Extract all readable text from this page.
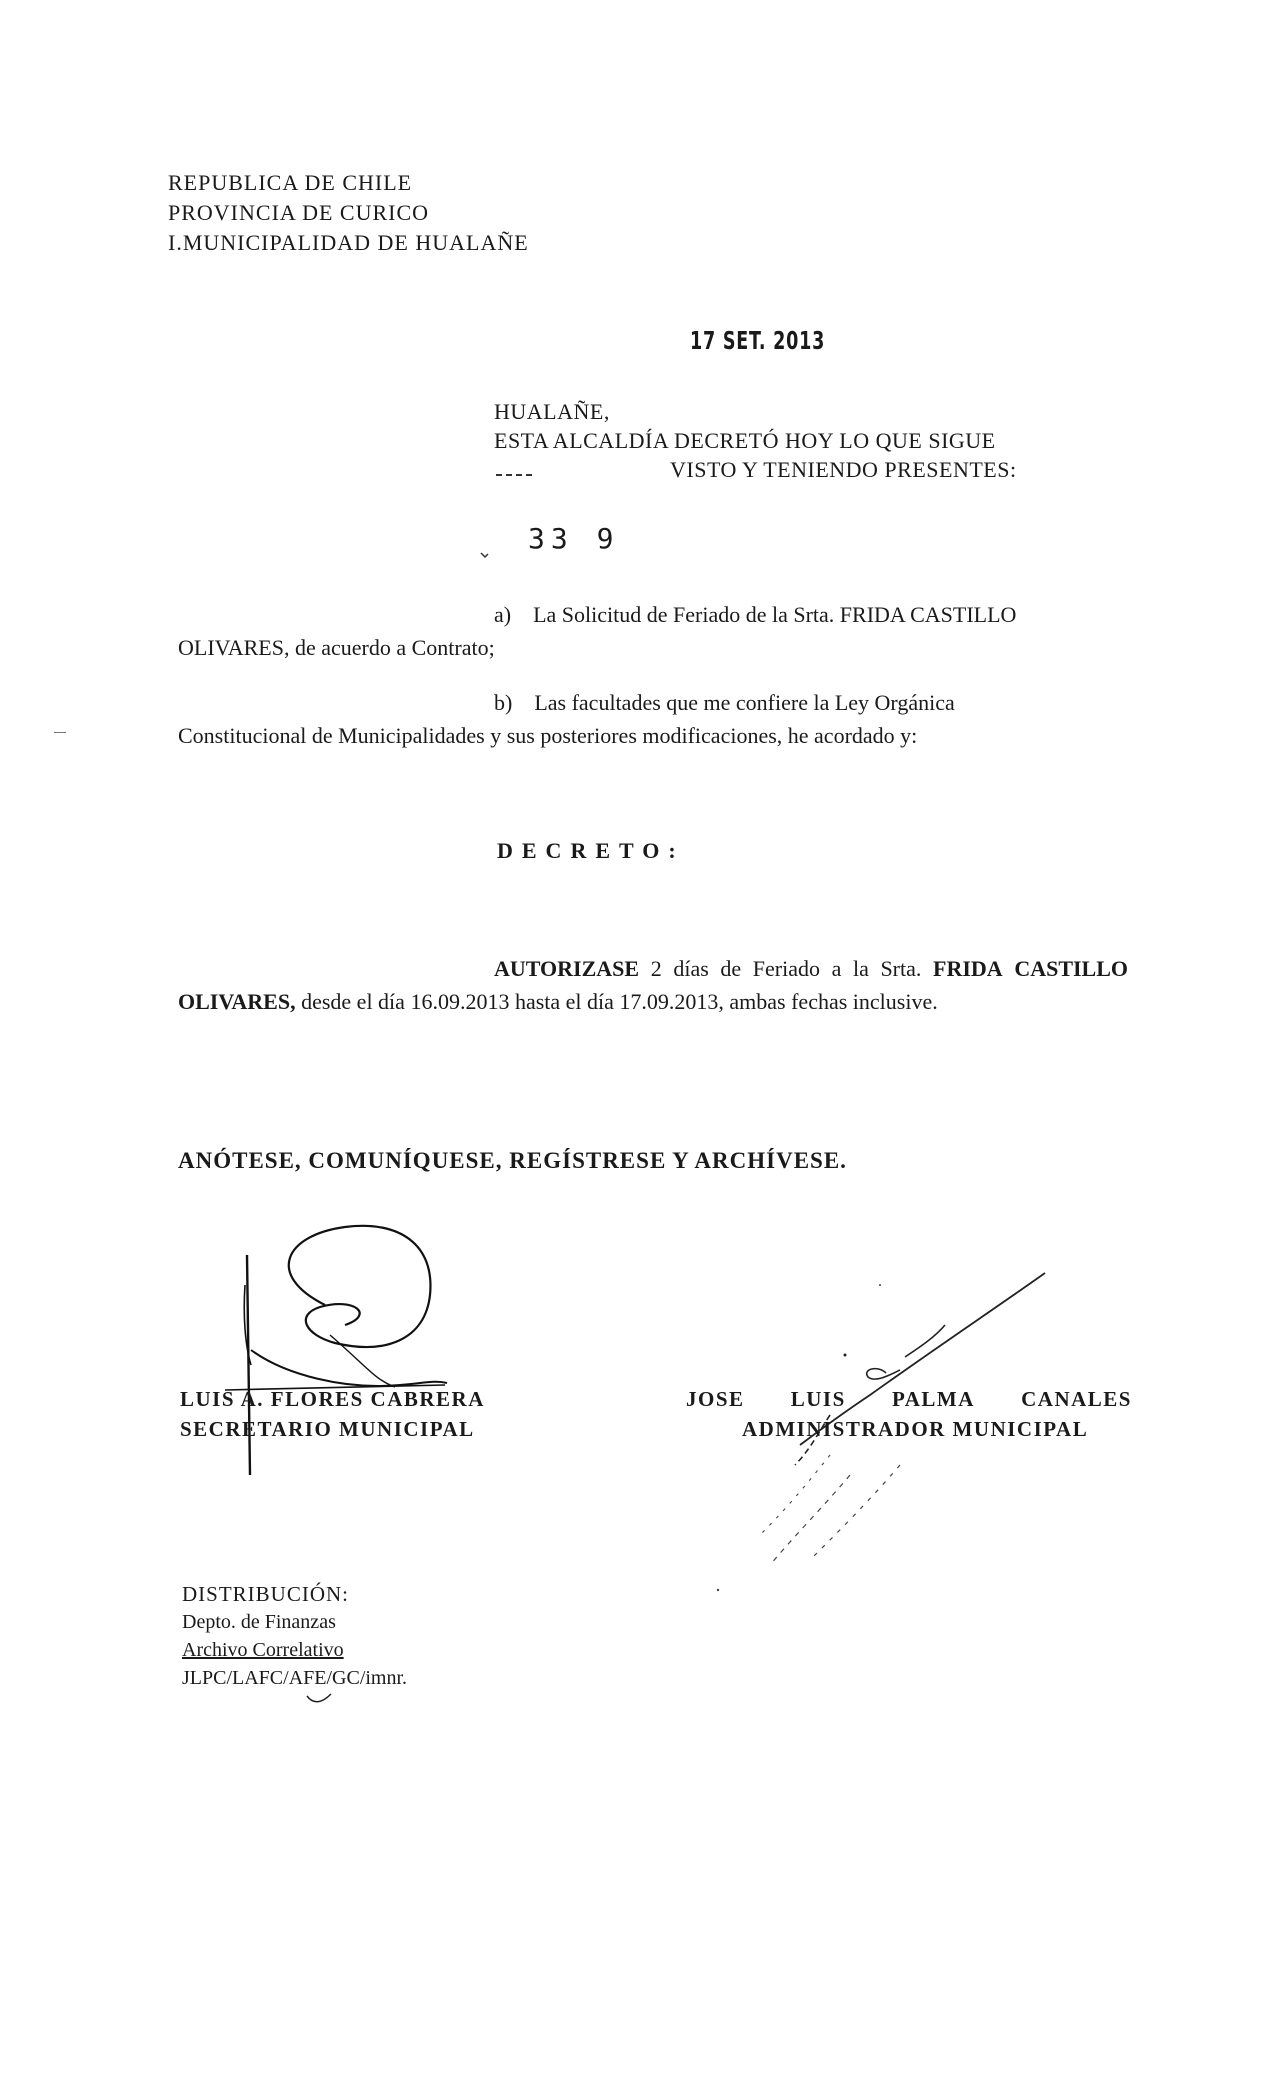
REPUBLICA DE CHILE
PROVINCIA DE CURICO
I.MUNICIPALIDAD DE HUALAÑE
17 SET. 2013
HUALAÑE,
ESTA ALCALDÍA DECRETÓ HOY LO QUE SIGUE
VISTO Y TENIENDO PRESENTES:
33 9
a) La Solicitud de Feriado de la Srta. FRIDA CASTILLO
OLIVARES, de acuerdo a Contrato;
b) Las facultades que me confiere la Ley Orgánica
Constitucional de Municipalidades y sus posteriores modificaciones, he acordado y:
DECRETO:
AUTORIZASE 2 días de Feriado a la Srta. FRIDA CASTILLO OLIVARES, desde el día 16.09.2013 hasta el día 17.09.2013, ambas fechas inclusive.
ANÓTESE, COMUNÍQUESE, REGÍSTRESE Y ARCHÍVESE.
LUIS A. FLORES CABRERA
SECRETARIO MUNICIPAL
JOSE LUIS PALMA CANALES
ADMINISTRADOR MUNICIPAL
DISTRIBUCIÓN:
Depto. de Finanzas
Archivo Correlativo
JLPC/LAFC/AFE/GC/imnr.
